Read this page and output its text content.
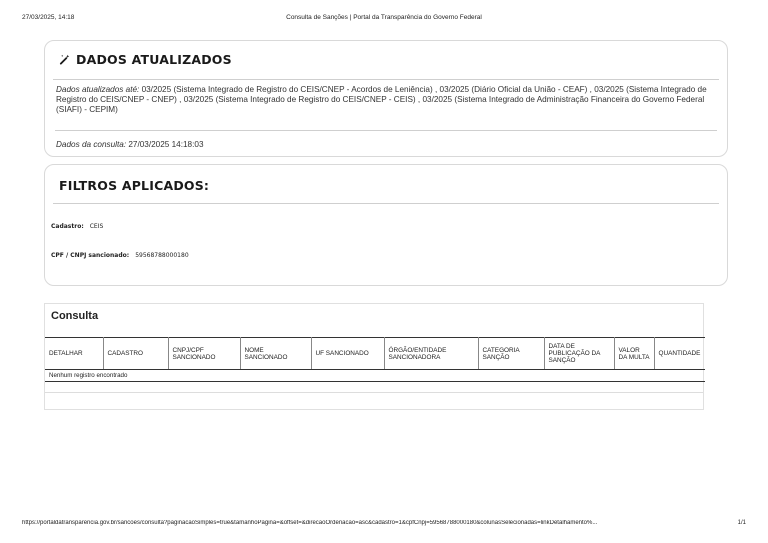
27/03/2025, 14:18	Consulta de Sanções | Portal da Transparência do Governo Federal
DADOS ATUALIZADOS
Dados atualizados até: 03/2025 (Sistema Integrado de Registro do CEIS/CNEP - Acordos de Leniência) , 03/2025 (Diário Oficial da União - CEAF) , 03/2025 (Sistema Integrado de Registro do CEIS/CNEP - CNEP) , 03/2025 (Sistema Integrado de Registro do CEIS/CNEP - CEIS) , 03/2025 (Sistema Integrado de Administração Financeira do Governo Federal (SIAFI) - CEPIM)
Dados da consulta: 27/03/2025 14:18:03
FILTROS APLICADOS:
Cadastro: CEIS
CPF / CNPJ sancionado: 59568788000180
Consulta
DETALHAR	CADASTRO	CNPJ/CPF SANCIONADO	NOME SANCIONADO	UF SANCIONADO	ÓRGÃO/ENTIDADE SANCIONADORA	CATEGORIA SANÇÃO	DATA DE PUBLICAÇÃO DA SANÇÃO	VALOR DA MULTA	QUANTIDADE
Nenhum registro encontrado
https://portaldatransparencia.gov.br/sancoes/consulta?paginacaoSimples=true&tamanhoPagina=&offset=&direcaoOrdenacao=asc&cadastro=1&cpfCnpj=59568788000180&colunasSelecionadas=linkDetalhamento%...	1/1
